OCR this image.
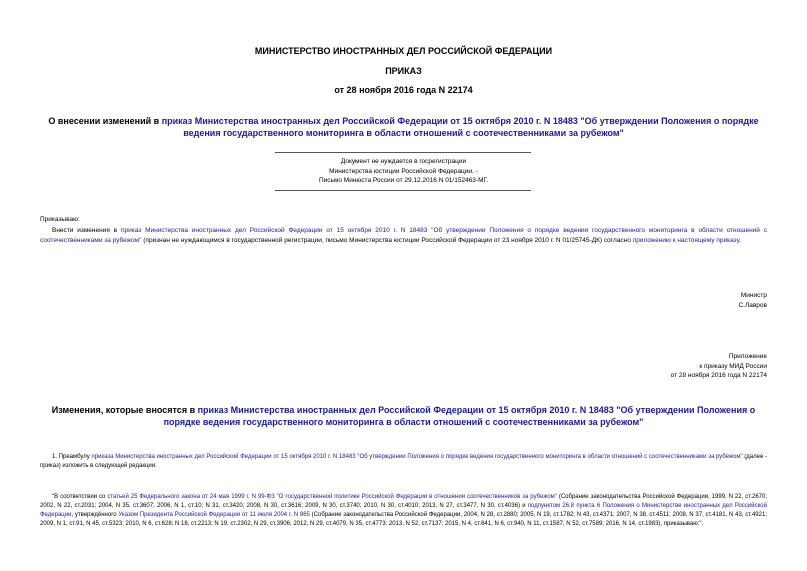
МИНИСТЕРСТВО ИНОСТРАННЫХ ДЕЛ РОССИЙСКОЙ ФЕДЕРАЦИИ
ПРИКАЗ
от 28 ноября 2016 года N 22174
О внесении изменений в приказ Министерства иностранных дел Российской Федерации от 15 октября 2010 г. N 18483 "Об утверждении Положения о порядке ведения государственного мониторинга в области отношений с соотечественниками за рубежом"

Документ не нуждается в госрегистрации

Министерства юстиции Российской Федерации. -

Письмо Минюста России от 29.12.2016 N 01/152463-МГ.

Приказываю:
Внести изменения в приказ Министерства иностранных дел Российской Федерации от 15 октября 2010 г. N 18483 "Об утверждении Положения о порядке ведения государственного мониторинга в области отношений с соотечественниками за рубежом" (признан не нуждающимся в государственной регистрации, письмо Министерства юстиции Российской Федерации от 23 ноября 2010 г. N 01/25745-ДК) согласно приложению к настоящему приказу.

Министр

С.Лавров

Приложение

к приказу МИД России

от 28 ноября 2016 года N 22174

Изменения, которые вносятся в приказ Министерства иностранных дел Российской Федерации от 15 октября 2010 г. N 18483 "Об утверждении Положения о порядке ведения государственного мониторинга в области отношений с соотечественниками за рубежом"
1. Преамбулу приказа Министерства иностранных дел Российской Федерации от 15 октября 2010 г. N 18483 "Об утверждении Положения о порядке ведения государственного мониторинга в области отношений с соотечественниками за рубежом" (далее - приказ) изложить в следующей редакции:
"В соответствии со статьей 25 Федерального закона от 24 мая 1999 г. N 99-ФЗ "О государственной политике Российской Федерации в отношении соотечественников за рубежом" (Собрание законодательства Российской Федерации, 1999, N 22, ст.2670; 2002, N 22, ст.2031; 2004, N 35, ст.3607; 2006, N 1, ст.10; N 31, ст.3420; 2008, N 30, ст.3616; 2009, N 30, ст.3740; 2010, N 30, ст.4010; 2013, N 27, ст.3477, N 30, ст.4036) и подпунктом 26.8 пункта 6 Положения о Министерстве иностранных дел Российской Федерации, утверждённого Указом Президента Российской Федерации от 11 июля 2004 г. N 865 (Собрание законодательства Российской Федерации, 2004, N 28, ст.2880; 2005, N 19, ст.1782; N 43, ст.4371; 2007, N 38, ст.4511; 2008, N 37, ст.4181, N 43, ст.4921; 2009, N 1, ст.91, N 45, ст.5323; 2010, N 6, ст.628; N 18, ст.2213; N 19, ст.2302, N 29, ст.3906; 2012, N 29, ст.4079, N 35, ст.4773; 2013, N 52, ст.7137; 2015, N 4, ст.641, N 6, ст.940, N 11, ст.1587, N 52, ст.7589; 2016, N 14, ст.1983), приказываю:".
